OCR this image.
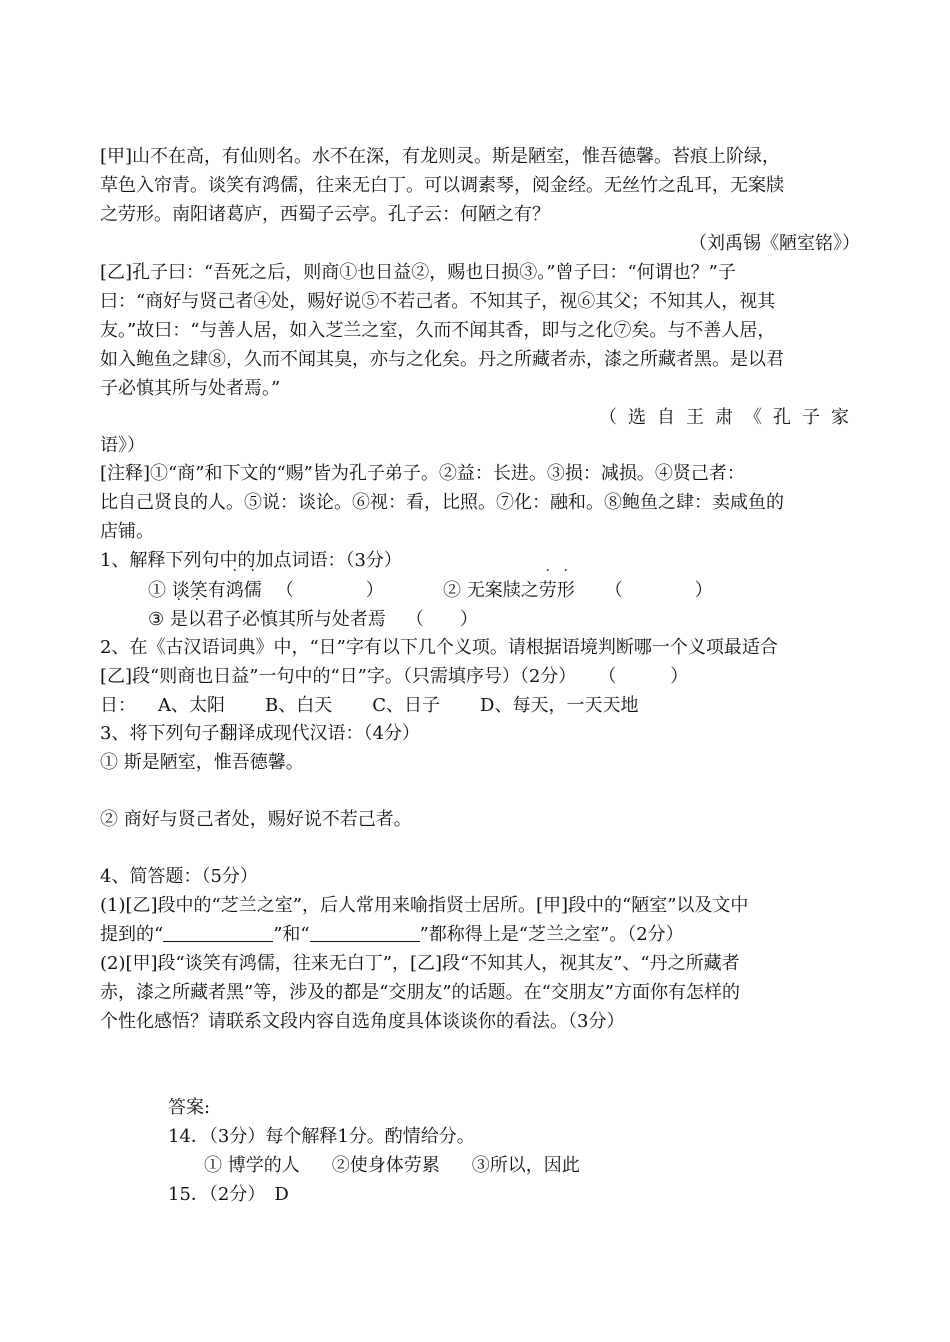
[甲]山不在高，有仙则名。水不在深，有龙则灵。斯是陋室，惟吾德馨。苔痕上阶绿，
草色入帘青。谈笑有鸿儒，往来无白丁。可以调素琴，阅金经。无丝竹之乱耳，无案牍
之劳形。南阳诸葛庐，西蜀子云亭。孔子云：何陋之有？
（刘禹锡《陋室铭》）
[乙]孔子曰：“吾死之后，则商①也日益②，赐也日损③。”曾子曰：“何谓也？”子
曰：“商好与贤己者④处，赐好说⑤不若己者。不知其子，视⑥其父；不知其人，视其
友。”故曰：“与善人居，如入芝兰之室，久而不闻其香，即与之化⑦矣。与不善人居，
如入鲍鱼之肆⑧，久而不闻其臭，亦与之化矣。丹之所藏者赤，漆之所藏者黑。是以君
子必慎其所与处者焉。”
（选自王肃《孔子家
语》）
[注释]①“商”和下文的“赐”皆为孔子弟子。②益：长进。③损：减损。④贤己者：
比自己贤良的人。⑤说：谈论。⑥视：看，比照。⑦化：融和。⑧鲍鱼之肆：卖咸鱼的
店铺。
1、解释下列句中的加点词语：（3分）
① 谈笑有鸿儒 （　　　　）	② 无案牍之劳形 （　　　　）
③ 是以君子必慎其所与处者焉 （　　）
2、在《古汉语词典》中，“日”字有以下几个义项。请根据语境判断哪一个义项最适合
[乙]段“则商也日益”一句中的“日”字。（只需填序号）（2分） （　　　）
日： A、太阳 B、白天 C、日子 D、每天，一天天地
3、将下列句子翻译成现代汉语：（4分）
① 斯是陋室，惟吾德馨。
② 商好与贤己者处，赐好说不若己者。
4、简答题：（5分）
(1)[乙]段中的“芝兰之室”，后人常用来喻指贤士居所。[甲]段中的“陋室”以及文中
提到的“	”和“	”都称得上是“芝兰之室”。（2分）
(2)[甲]段“谈笑有鸿儒，往来无白丁”，[乙]段“不知其人，视其友”、“丹之所藏者
赤，漆之所藏者黑”等，涉及的都是“交朋友”的话题。在“交朋友”方面你有怎样的
个性化感悟？请联系文段内容自选角度具体谈谈你的看法。（3分）
答案:
14．（3分）每个解释1分。酌情给分。
① 博学的人 ②使身体劳累 ③所以，因此
15．（2分）　D
